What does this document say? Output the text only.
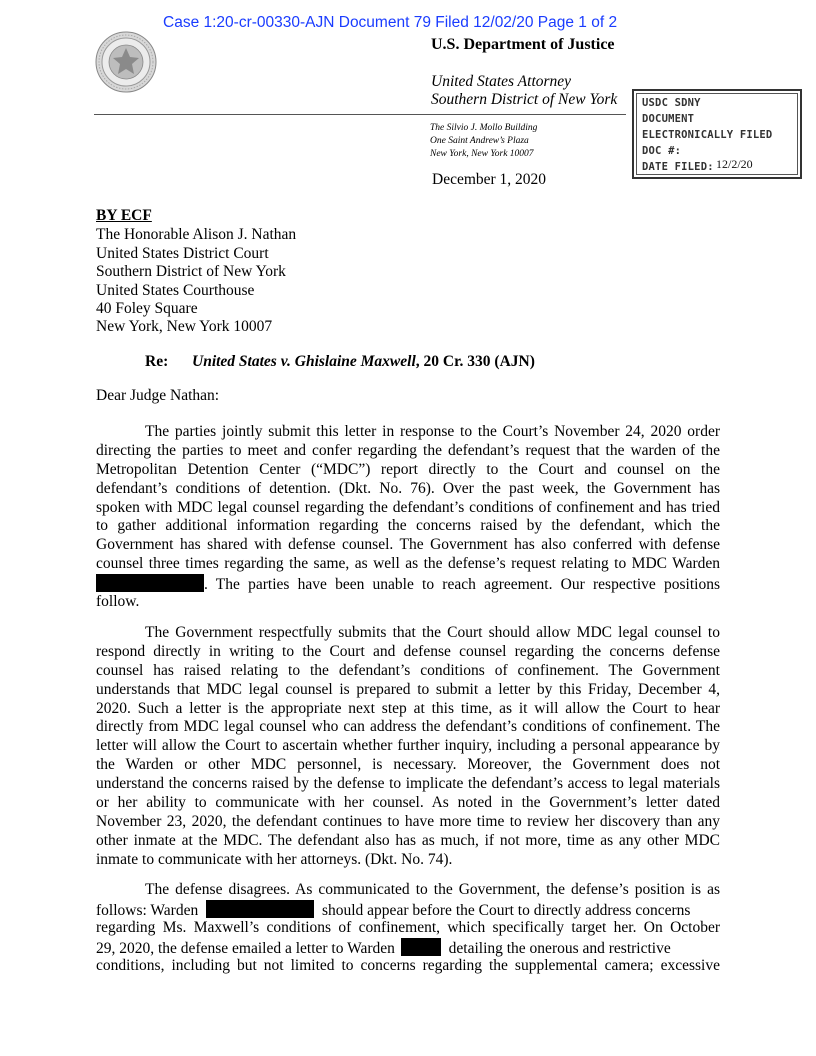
Case 1:20-cr-00330-AJN Document 79 Filed 12/02/20 Page 1 of 2
U.S. Department of Justice
United States Attorney
Southern District of New York
The Silvio J. Mollo Building
One Saint Andrew’s Plaza
New York, New York 10007
December 1, 2020
USDC SDNY
DOCUMENT
ELECTRONICALLY FILED
DOC #:
DATE FILED: 12/2/20
BY ECF
The Honorable Alison J. Nathan
United States District Court
Southern District of New York
United States Courthouse
40 Foley Square
New York, New York 10007
Re: United States v. Ghislaine Maxwell, 20 Cr. 330 (AJN)
Dear Judge Nathan:
The parties jointly submit this letter in response to the Court’s November 24, 2020 order
directing the parties to meet and confer regarding the defendant’s request that the warden of the
Metropolitan Detention Center (“MDC”) report directly to the Court and counsel on the
defendant’s conditions of detention. (Dkt. No. 76). Over the past week, the Government has
spoken with MDC legal counsel regarding the defendant’s conditions of confinement and has tried
to gather additional information regarding the concerns raised by the defendant, which the
Government has shared with defense counsel. The Government has also conferred with defense
counsel three times regarding the same, as well as the defense’s request relating to MDC Warden
. The parties have been unable to reach agreement. Our respective positions
follow.
The Government respectfully submits that the Court should allow MDC legal counsel to
respond directly in writing to the Court and defense counsel regarding the concerns defense
counsel has raised relating to the defendant’s conditions of confinement. The Government
understands that MDC legal counsel is prepared to submit a letter by this Friday, December 4,
2020. Such a letter is the appropriate next step at this time, as it will allow the Court to hear
directly from MDC legal counsel who can address the defendant’s conditions of confinement. The
letter will allow the Court to ascertain whether further inquiry, including a personal appearance by
the Warden or other MDC personnel, is necessary. Moreover, the Government does not
understand the concerns raised by the defense to implicate the defendant’s access to legal materials
or her ability to communicate with her counsel. As noted in the Government’s letter dated
November 23, 2020, the defendant continues to have more time to review her discovery than any
other inmate at the MDC. The defendant also has as much, if not more, time as any other MDC
inmate to communicate with her attorneys. (Dkt. No. 74).
The defense disagrees. As communicated to the Government, the defense’s position is as
follows: Warden	should appear before the Court to directly address concerns
regarding Ms. Maxwell’s conditions of confinement, which specifically target her. On October
29, 2020, the defense emailed a letter to Warden	detailing the onerous and restrictive
conditions, including but not limited to concerns regarding the supplemental camera; excessive
